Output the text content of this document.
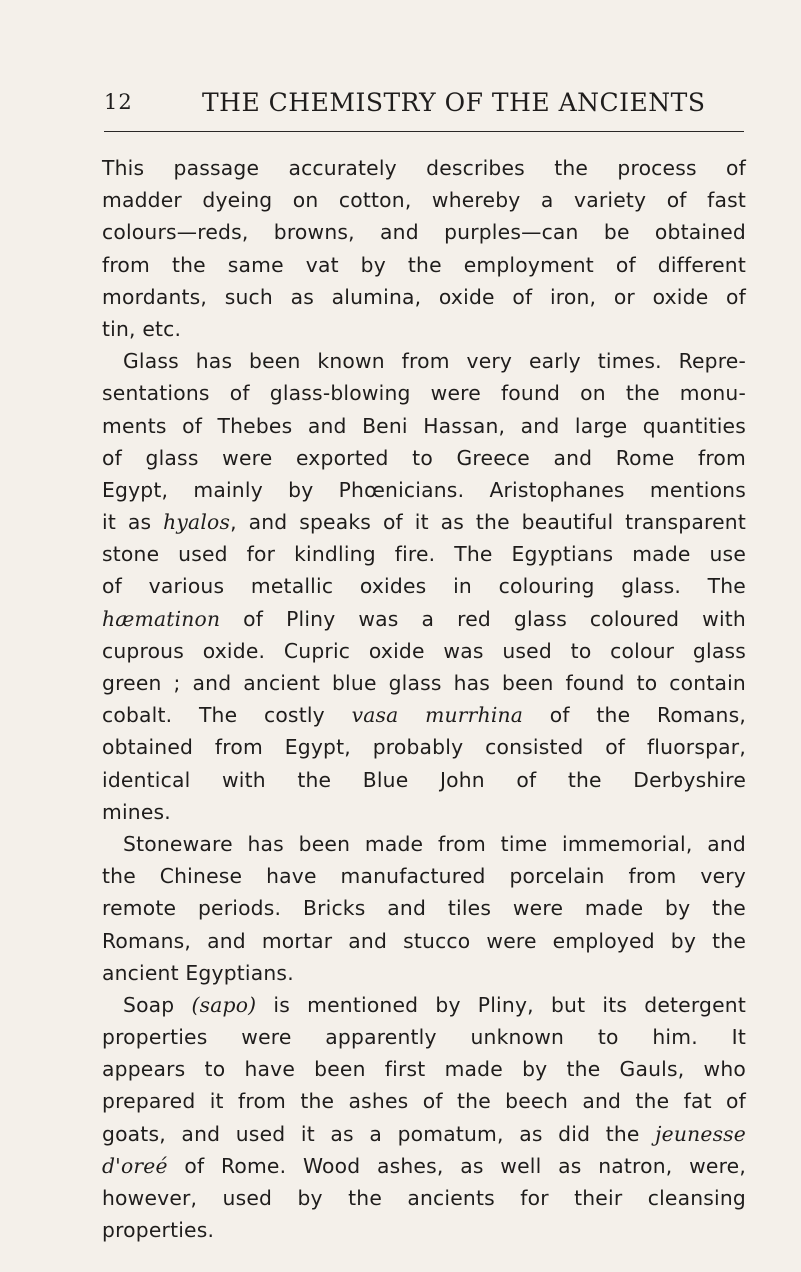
12	THE CHEMISTRY OF THE ANCIENTS
This passage accurately describes the process of
madder dyeing on cotton, whereby a variety of fast
colours—reds, browns, and purples—can be obtained
from the same vat by the employment of different
mordants, such as alumina, oxide of iron, or oxide of
tin, etc.
Glass has been known from very early times. Repre-
sentations of glass-blowing were found on the monu-
ments of Thebes and Beni Hassan, and large quantities
of glass were exported to Greece and Rome from
Egypt, mainly by Phœnicians. Aristophanes mentions
it as hyalos, and speaks of it as the beautiful transparent
stone used for kindling fire. The Egyptians made use
of various metallic oxides in colouring glass. The
hæmatinon of Pliny was a red glass coloured with
cuprous oxide. Cupric oxide was used to colour glass
green ; and ancient blue glass has been found to contain
cobalt. The costly vasa murrhina of the Romans,
obtained from Egypt, probably consisted of fluorspar,
identical with the Blue John of the Derbyshire
mines.
Stoneware has been made from time immemorial, and
the Chinese have manufactured porcelain from very
remote periods. Bricks and tiles were made by the
Romans, and mortar and stucco were employed by the
ancient Egyptians.
Soap (sapo) is mentioned by Pliny, but its detergent
properties were apparently unknown to him. It
appears to have been first made by the Gauls, who
prepared it from the ashes of the beech and the fat of
goats, and used it as a pomatum, as did the jeunesse
d'oreé of Rome. Wood ashes, as well as natron, were,
however, used by the ancients for their cleansing
properties.
